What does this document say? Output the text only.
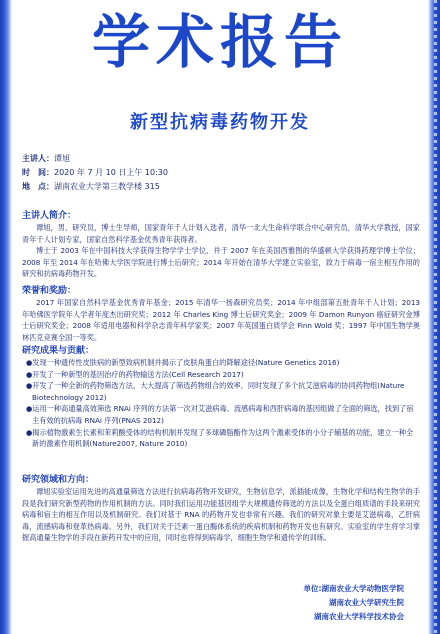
学术报告
新型抗病毒药物开发
主讲人：谭旭
时　间：2020 年 7 月 10 日上午 10:30
地　点：湖南农业大学第三教学楼 315

主讲人简介：

谭旭，男，研究员，博士生导师，国家青年千人计划入选者，清华一北大生命科学联合中心研究员，清华大学教授，国家青年千人计划专家，国家自然科学基金优秀青年获得者。

博士于 2003 年在中国科技大学获得生物学学士学位，并于 2007 年在美国西雅图的华盛顿大学获得药理学博士学位；2008 年至 2014 年在哈佛大学医学院进行博士后研究；2014 年开始在清华大学建立实验室，致力于病毒一宿主相互作用的研究和抗病毒药物开发。

荣誉和奖励：

2017 年国家自然科学基金优秀青年基金；2015 年清华一扬森研究员奖；2014 年中组部第五批青年千人计划；2013 年哈佛医学院年人学者年度杰出研究奖；2012 年 Charles King 博士后研究奖金；2009 年 Damon Runyon 癌症研究金博士后研究奖金；2008 年适用电器和科学杂志青年科学家奖；2007 年英国蛋白质学会 Finn Wold 奖；1997 年中国生物学奥林匹克竞赛全国一等奖。

研究成果与贡献：

●发现一种遗传性皮肤病的新型致病机制并揭示了皮肤角蛋白的降解途径(Nature Genetics 2016)

●开发了一种新型的基因治疗的药物输送方法(Cell Research 2017)

●开发了一种全新的药物筛选方法，大大提高了筛选药物组合的效率，同时发现了多个抗艾滋病毒的协同药物组(Nature Biotechnology 2012)

●运用一种高通量高效筛选 RNAi 序列的方法第一次对艾滋病毒、流感病毒和西肝病毒的基因组做了全面的筛选，找到了宿主有效的抗病毒 RNAi 序列(PNAS 2012)

●揭示植物激素生长素和茉莉酸受体的结构机制并发现了多球磷脂酯作为这两个激素受体的小分子辅基的功能，建立一种全新的激素作用机制(Nature2007, Nature 2010)

研究领域和方向：

谭旭实验室运用先进的高通量筛选方法进行抗病毒药物开发研究，生物信息学，派插能成像，生物化学和结构生物学的手段是我们研究新型药物的作用机制的方法。同时我们运用功能基因组学大规模遗传筛选的方法以及全蛋白组质谱的手段来研究病毒和宿主的相互作用以及机制研究。我们对基于 RNA 的药物开发也非常有兴趣。我们的研究对象主要是艾滋病毒，乙肝病毒，流感病毒和登革热病毒。另外，我们对关于泛素一蛋白酶体系统的疾病机制和药物开发也有研究。实验室的学生将学习掌握高通量生物学的手段在新药开发中的应用，同时也将得到病毒学，细胞生物学和遗传学的训练。

单位:湖南农业大学动物医学院
湖南农业大学研究生院
湖南农业大学科学技术协会
